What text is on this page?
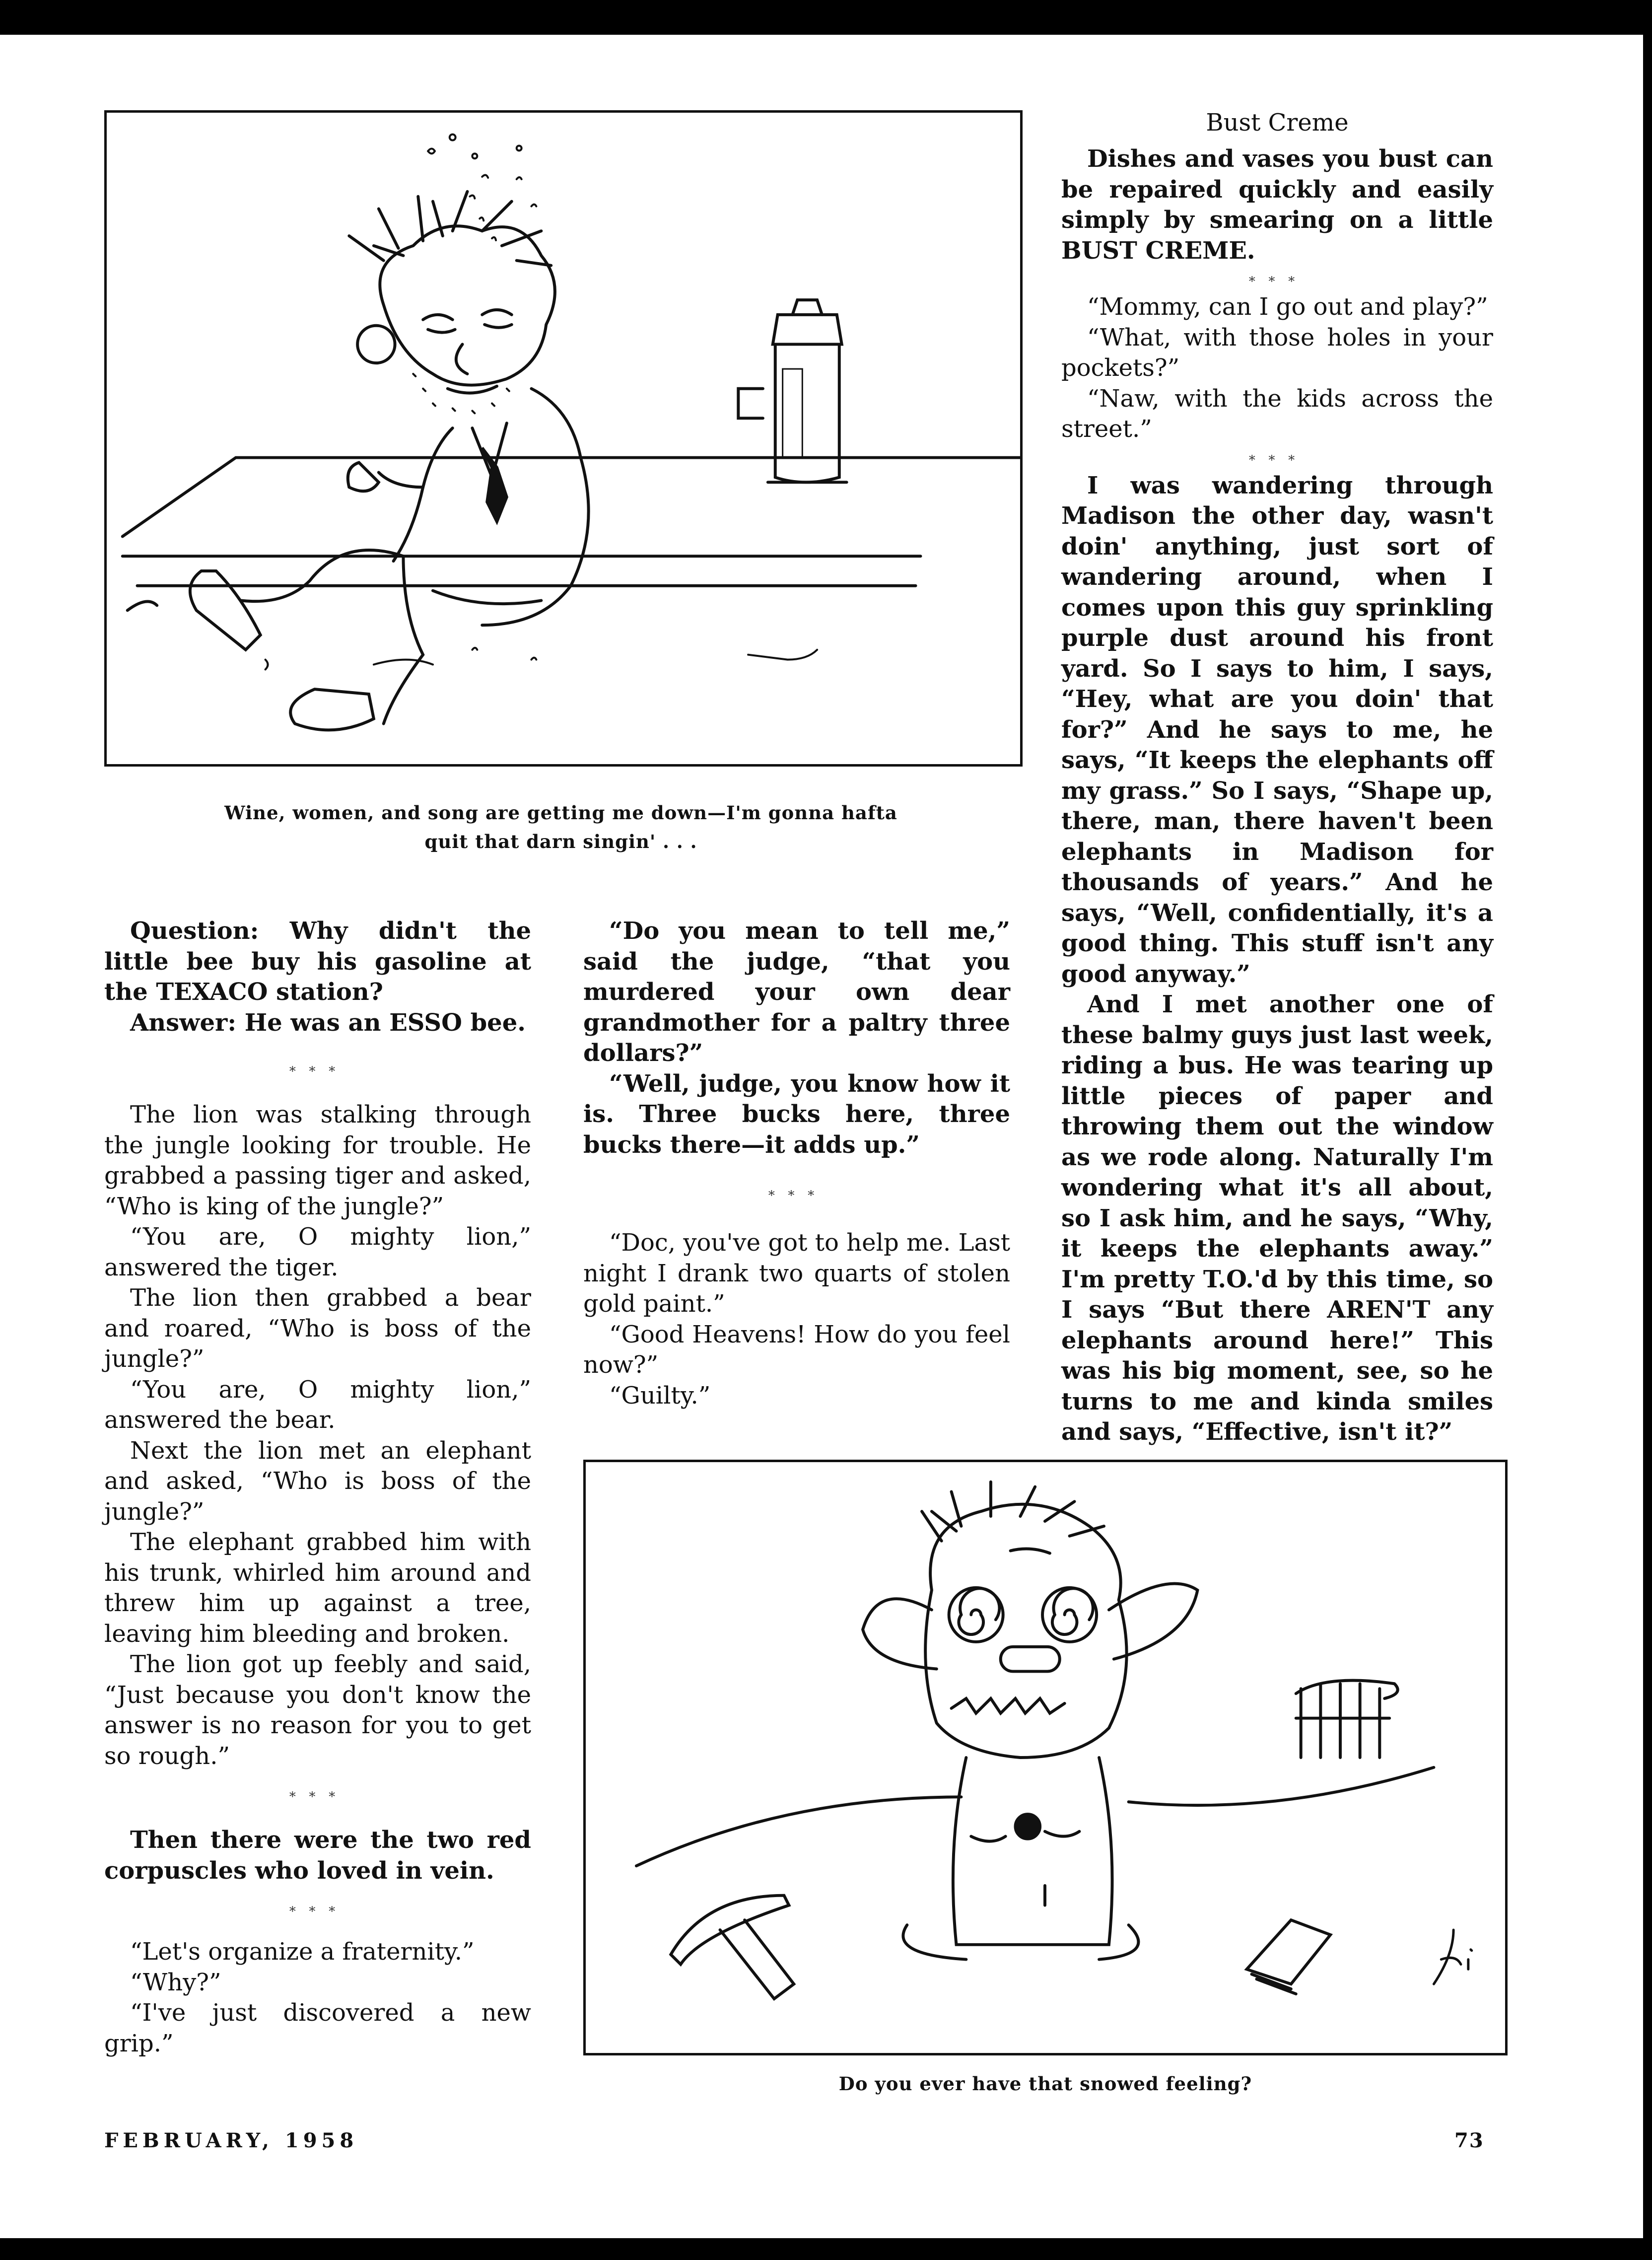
Wine, women, and song are getting me down—I'm gonna hafta
quit that darn singin' . . .

Question: Why didn't the little bee buy his gasoline at the TEXACO station?

Answer: He was an ESSO bee.

∗∗∗

The lion was stalking through the jungle looking for trouble. He grabbed a passing tiger and asked, “Who is king of the jungle?”

“You are, O mighty lion,” answered the tiger.

The lion then grabbed a bear and roared, “Who is boss of the jungle?”

“You are, O mighty lion,” answered the bear.

Next the lion met an elephant and asked, “Who is boss of the jungle?”

The elephant grabbed him with his trunk, whirled him around and threw him up against a tree, leaving him bleeding and broken.

The lion got up feebly and said, “Just because you don't know the answer is no reason for you to get so rough.”

∗∗∗

Then there were the two red corpuscles who loved in vein.

∗∗∗

“Let's organize a fraternity.”

“Why?”

“I've just discovered a new grip.”

“Do you mean to tell me,” said the judge, “that you murdered your own dear grandmother for a paltry three dollars?”

“Well, judge, you know how it is. Three bucks here, three bucks there—it adds up.”

∗∗∗

“Doc, you've got to help me. Last night I drank two quarts of stolen gold paint.”

“Good Heavens! How do you feel now?”

“Guilty.”

Bust Creme

Dishes and vases you bust can be repaired quickly and easily simply by smearing on a little BUST CREME.

∗∗∗

“Mommy, can I go out and play?”

“What, with those holes in your pockets?”

“Naw, with the kids across the street.”

∗∗∗

I was wandering through Madison the other day, wasn't doin' anything, just sort of wandering around, when I comes upon this guy sprinkling purple dust around his front yard. So I says to him, I says, “Hey, what are you doin' that for?” And he says to me, he says, “It keeps the elephants off my grass.” So I says, “Shape up, there, man, there haven't been elephants in Madison for thousands of years.” And he says, “Well, confidentially, it's a good thing. This stuff isn't any good anyway.”

And I met another one of these balmy guys just last week, riding a bus. He was tearing up little pieces of paper and throwing them out the window as we rode along. Naturally I'm wondering what it's all about, so I ask him, and he says, “Why, it keeps the elephants away.” I'm pretty T.O.'d by this time, so I says “But there AREN'T any elephants around here!” This was his big moment, see, so he turns to me and kinda smiles and says, “Effective, isn't it?”

Do you ever have that snowed feeling?
FEBRUARY, 1958	73
